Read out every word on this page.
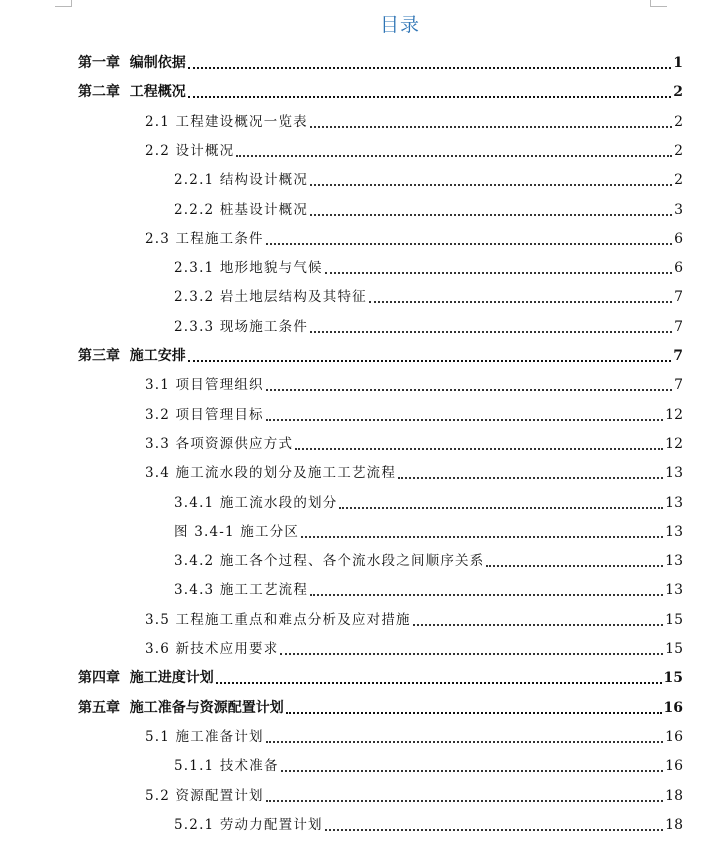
目录
第一章  编制依据	1
第二章  工程概况	2
2.1 工程建设概况一览表	2
2.2 设计概况	2
2.2.1 结构设计概况	2
2.2.2 桩基设计概况	3
2.3 工程施工条件	6
2.3.1 地形地貌与气候	6
2.3.2 岩土地层结构及其特征	7
2.3.3 现场施工条件	7
第三章  施工安排	7
3.1 项目管理组织	7
3.2 项目管理目标	12
3.3 各项资源供应方式	12
3.4 施工流水段的划分及施工工艺流程	13
3.4.1 施工流水段的划分	13
图 3.4-1 施工分区	13
3.4.2 施工各个过程、各个流水段之间顺序关系	13
3.4.3 施工工艺流程	13
3.5 工程施工重点和难点分析及应对措施	15
3.6 新技术应用要求	15
第四章  施工进度计划	15
第五章  施工准备与资源配置计划	16
5.1 施工准备计划	16
5.1.1 技术准备	16
5.2 资源配置计划	18
5.2.1 劳动力配置计划	18
